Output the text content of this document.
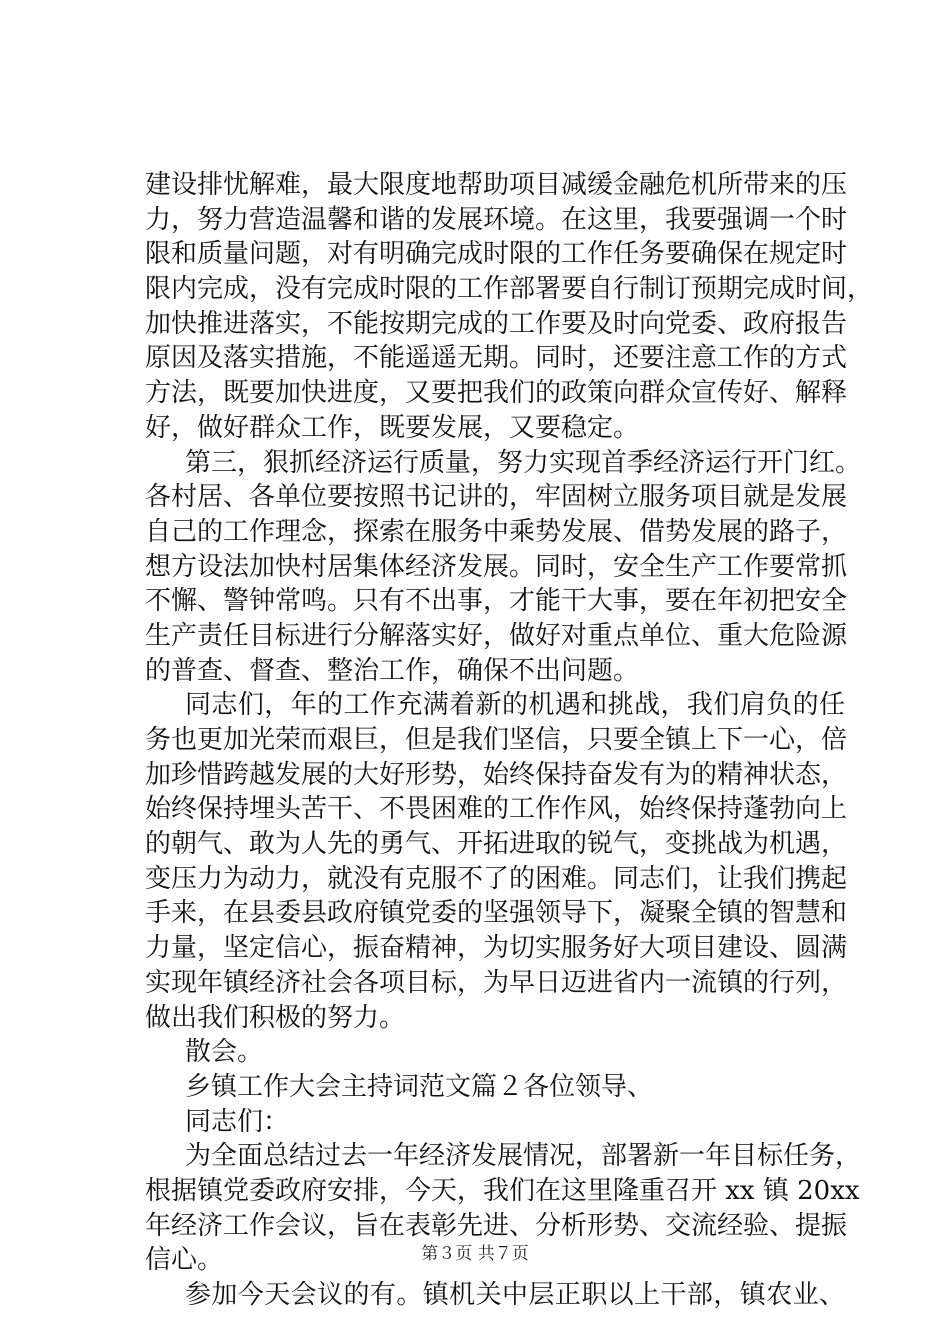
建设排忧解难，最大限度地帮助项目减缓金融危机所带来的压
力，努力营造温馨和谐的发展环境。在这里，我要强调一个时
限和质量问题，对有明确完成时限的工作任务要确保在规定时
限内完成，没有完成时限的工作部署要自行制订预期完成时间，
加快推进落实，不能按期完成的工作要及时向党委、政府报告
原因及落实措施，不能遥遥无期。同时，还要注意工作的方式
方法，既要加快进度，又要把我们的政策向群众宣传好、解释
好，做好群众工作，既要发展，又要稳定。
第三，狠抓经济运行质量，努力实现首季经济运行开门红。
各村居、各单位要按照书记讲的，牢固树立服务项目就是发展
自己的工作理念，探索在服务中乘势发展、借势发展的路子，
想方设法加快村居集体经济发展。同时，安全生产工作要常抓
不懈、警钟常鸣。只有不出事，才能干大事，要在年初把安全
生产责任目标进行分解落实好，做好对重点单位、重大危险源
的普查、督查、整治工作，确保不出问题。
同志们，年的工作充满着新的机遇和挑战，我们肩负的任
务也更加光荣而艰巨，但是我们坚信，只要全镇上下一心，倍
加珍惜跨越发展的大好形势，始终保持奋发有为的精神状态，
始终保持埋头苦干、不畏困难的工作作风，始终保持蓬勃向上
的朝气、敢为人先的勇气、开拓进取的锐气，变挑战为机遇，
变压力为动力，就没有克服不了的困难。同志们，让我们携起
手来，在县委县政府镇党委的坚强领导下，凝聚全镇的智慧和
力量，坚定信心，振奋精神，为切实服务好大项目建设、圆满
实现年镇经济社会各项目标，为早日迈进省内一流镇的行列，
做出我们积极的努力。
散会。
乡镇工作大会主持词范文篇２各位领导、
同志们：
为全面总结过去一年经济发展情况，部署新一年目标任务，
根据镇党委政府安排，今天，我们在这里隆重召开 xx 镇 20xx
年经济工作会议，旨在表彰先进、分析形势、交流经验、提振
信心。
参加今天会议的有。镇机关中层正职以上干部，镇农业、
第３页 共７页
